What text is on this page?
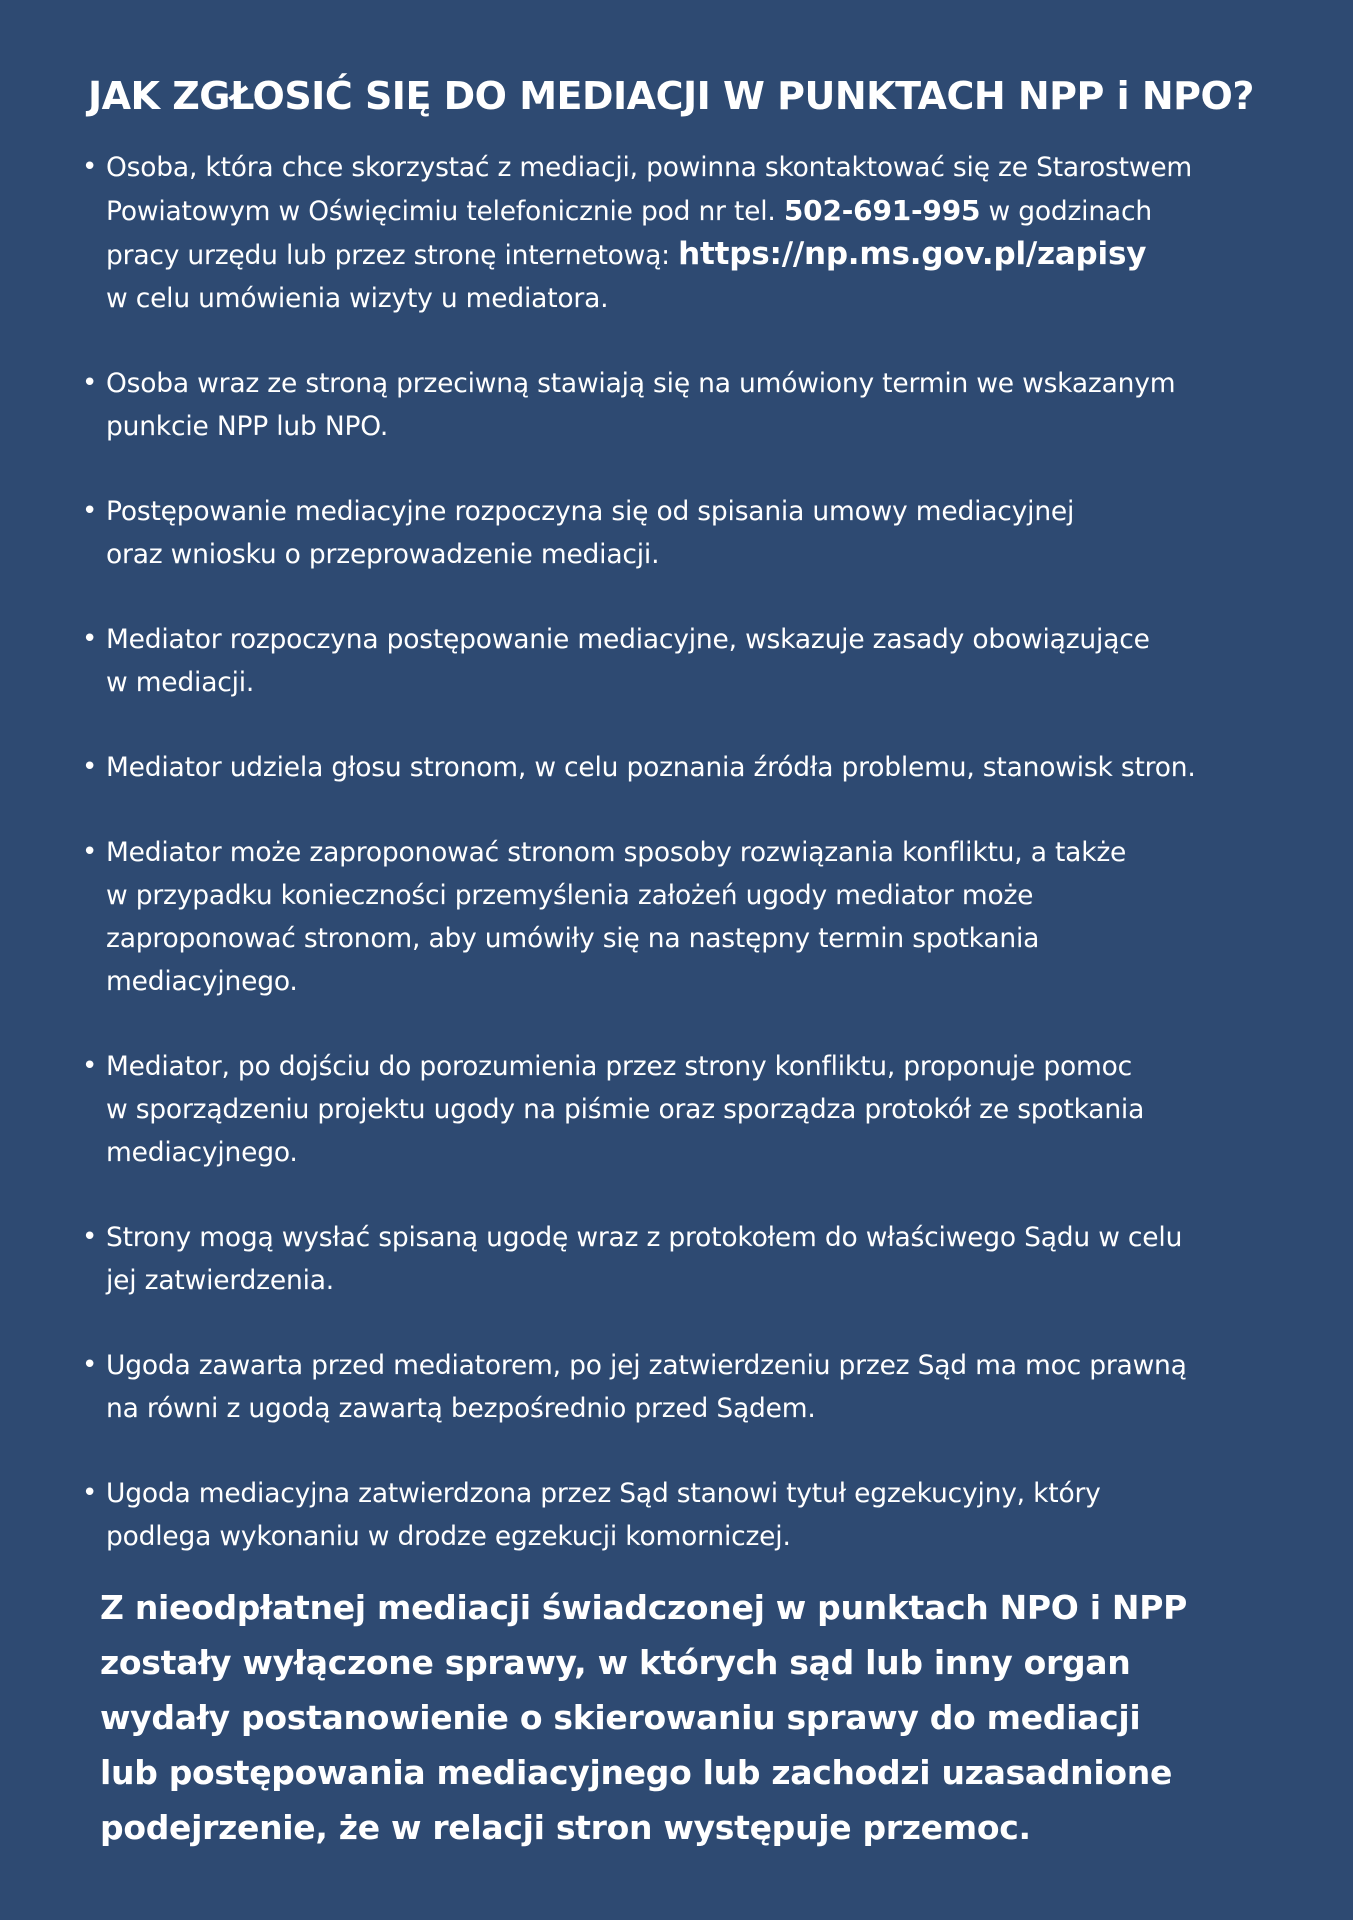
JAK ZGŁOSIĆ SIĘ DO MEDIACJI W PUNKTACH NPP i NPO?
• Osoba, która chce skorzystać z mediacji, powinna skontaktować się ze Starostwem
Powiatowym w Oświęcimiu telefonicznie pod nr tel. 502-691-995 w godzinach
pracy urzędu lub przez stronę internetową: https://np.ms.gov.pl/zapisy
w celu umówienia wizyty u mediatora.
• Osoba wraz ze stroną przeciwną stawiają się na umówiony termin we wskazanym
punkcie NPP lub NPO.
• Postępowanie mediacyjne rozpoczyna się od spisania umowy mediacyjnej
oraz wniosku o przeprowadzenie mediacji.
• Mediator rozpoczyna postępowanie mediacyjne, wskazuje zasady obowiązujące
w mediacji.
• Mediator udziela głosu stronom, w celu poznania źródła problemu, stanowisk stron.
• Mediator może zaproponować stronom sposoby rozwiązania konfliktu, a także
w przypadku konieczności przemyślenia założeń ugody mediator może
zaproponować stronom, aby umówiły się na następny termin spotkania
mediacyjnego.
• Mediator, po dojściu do porozumienia przez strony konfliktu, proponuje pomoc
w sporządzeniu projektu ugody na piśmie oraz sporządza protokół ze spotkania
mediacyjnego.
• Strony mogą wysłać spisaną ugodę wraz z protokołem do właściwego Sądu w celu
jej zatwierdzenia.
• Ugoda zawarta przed mediatorem, po jej zatwierdzeniu przez Sąd ma moc prawną
na równi z ugodą zawartą bezpośrednio przed Sądem.
• Ugoda mediacyjna zatwierdzona przez Sąd stanowi tytuł egzekucyjny, który
podlega wykonaniu w drodze egzekucji komorniczej.

Z nieodpłatnej mediacji świadczonej w punktach NPO i NPP
zostały wyłączone sprawy, w których sąd lub inny organ
wydały postanowienie o skierowaniu sprawy do mediacji
lub postępowania mediacyjnego lub zachodzi uzasadnione
podejrzenie, że w relacji stron występuje przemoc.
